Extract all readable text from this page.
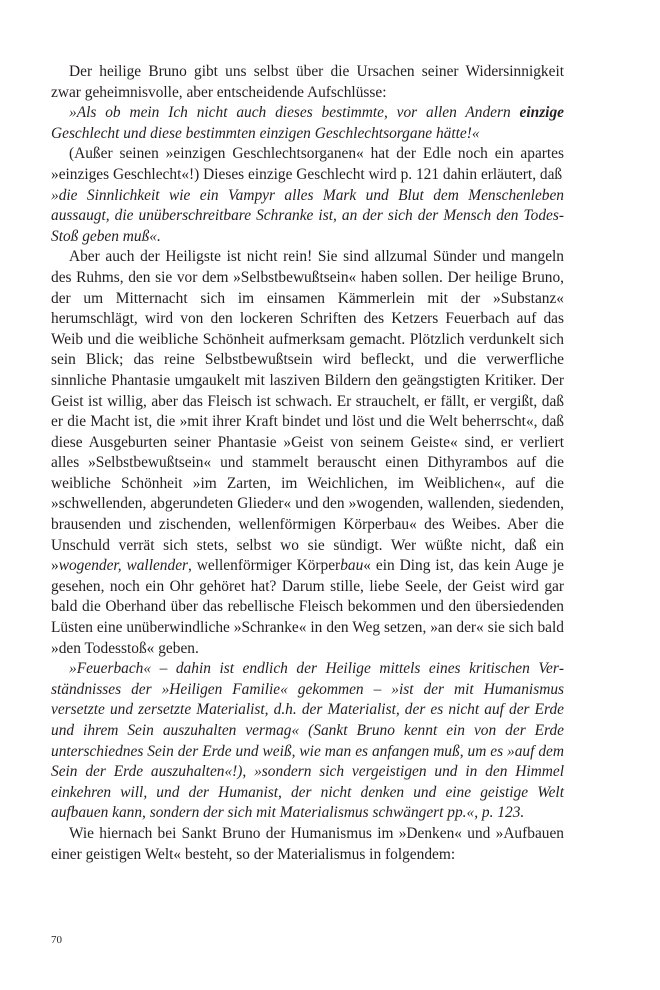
Der heilige Bruno gibt uns selbst über die Ursachen seiner Widersinnigkeit zwar geheimnisvolle, aber entscheidende Aufschlüsse:

»Als ob mein Ich nicht auch dieses bestimmte, vor allen Andern einzige Geschlecht und diese bestimmten einzigen Geschlechtsorgane hätte!«

(Außer seinen »einzigen Geschlechtsorganen« hat der Edle noch ein apartes »einziges Geschlecht«!) Dieses einzige Geschlecht wird p. 121 dahin erläutert, daß

»die Sinnlichkeit wie ein Vampyr alles Mark und Blut dem Menschenleben aussaugt, die unüberschreitbare Schranke ist, an der sich der Mensch den Todes-Stoß geben muß«.

Aber auch der Heiligste ist nicht rein! Sie sind allzumal Sünder und mangeln des Ruhms, den sie vor dem »Selbstbewußtsein« haben sollen. Der heilige Bruno, der um Mitternacht sich im einsamen Kämmerlein mit der »Substanz« herumschlägt, wird von den lockeren Schriften des Ketzers Feuerbach auf das Weib und die weibliche Schönheit aufmerksam gemacht. Plötzlich verdunkelt sich sein Blick; das reine Selbstbewußtsein wird befleckt, und die verwerfliche sinnliche Phantasie umgaukelt mit lasziven Bildern den geängstigten Kritiker. Der Geist ist willig, aber das Fleisch ist schwach. Er strauchelt, er fällt, er vergißt, daß er die Macht ist, die »mit ihrer Kraft bindet und löst und die Welt beherrscht«, daß diese Ausgeburten seiner Phantasie »Geist von seinem Geiste« sind, er verliert alles »Selbstbewußtsein« und stammelt berauscht einen Dithyrambos auf die weibliche Schönheit »im Zarten, im Weichlichen, im Weiblichen«, auf die »schwellenden, abgerundeten Glieder« und den »wogenden, wallenden, siedenden, brausenden und zischenden, wellenförmigen Körperbau« des Weibes. Aber die Unschuld verrät sich stets, selbst wo sie sündigt. Wer wüßte nicht, daß ein »wogender, wallender, wellenförmiger Körperbau« ein Ding ist, das kein Auge je gesehen, noch ein Ohr gehöret hat? Darum stille, liebe Seele, der Geist wird gar bald die Oberhand über das rebellische Fleisch bekommen und den übersiedenden Lüsten eine unüberwindliche »Schranke« in den Weg setzen, »an der« sie sich bald »den Todesstoß« geben.

»Feuerbach« – dahin ist endlich der Heilige mittels eines kritischen Verständnisses der »Heiligen Familie« gekommen – »ist der mit Humanismus versetzte und zersetzte Materialist, d.h. der Materialist, der es nicht auf der Erde und ihrem Sein auszuhalten vermag« (Sankt Bruno kennt ein von der Erde unterschiednes Sein der Erde und weiß, wie man es anfangen muß, um es »auf dem Sein der Erde auszuhalten«!), »sondern sich vergeistigen und in den Himmel einkehren will, und der Humanist, der nicht denken und eine geistige Welt aufbauen kann, sondern der sich mit Materialismus schwängert pp.«, p. 123.

Wie hiernach bei Sankt Bruno der Humanismus im »Denken« und »Aufbauen einer geistigen Welt« besteht, so der Materialismus in folgendem:

70
